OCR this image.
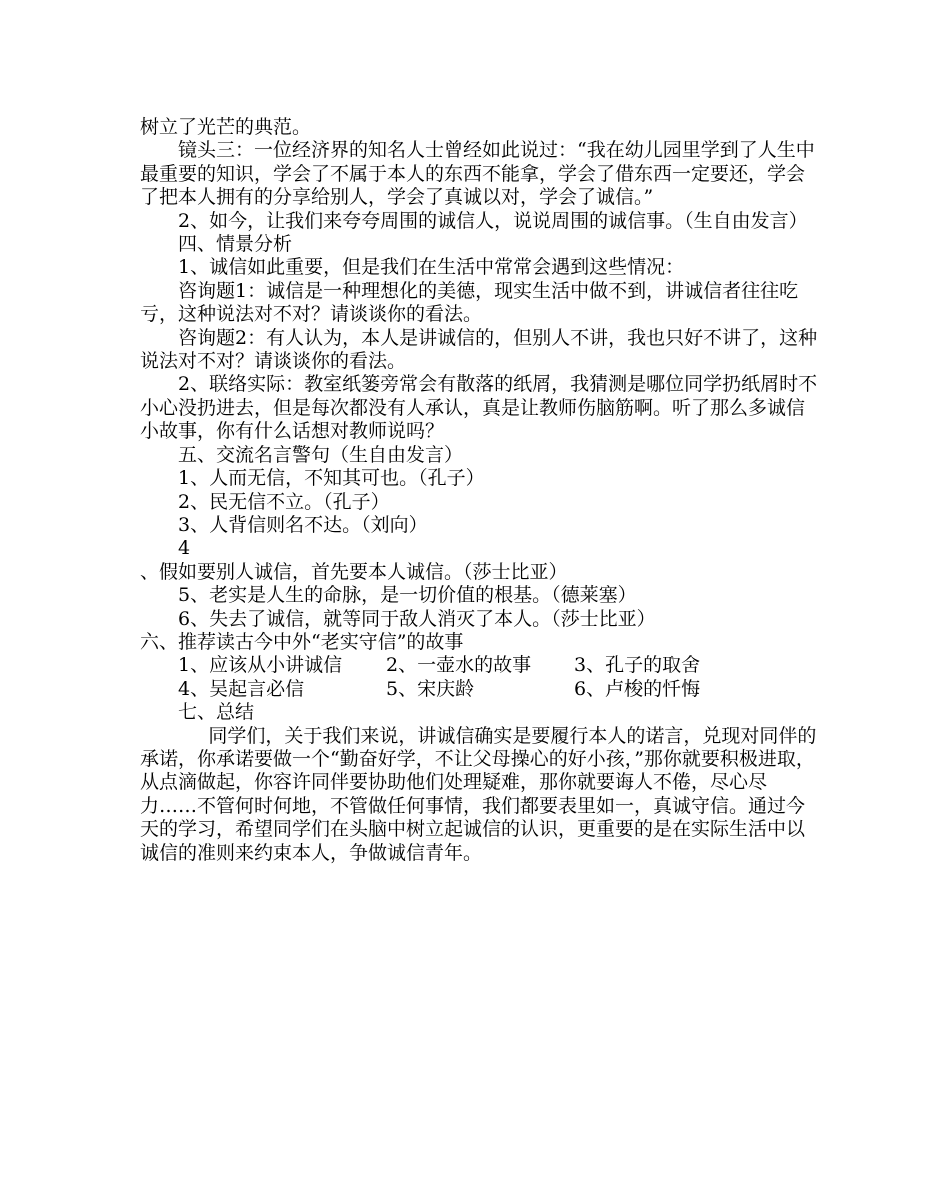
树立了光芒的典范。

镜头三：一位经济界的知名人士曾经如此说过：“我在幼儿园里学到了人生中最重要的知识，学会了不属于本人的东西不能拿，学会了借东西一定要还，学会了把本人拥有的分享给别人，学会了真诚以对，学会了诚信。”

2、如今，让我们来夸夸周围的诚信人，说说周围的诚信事。（生自由发言）

四、情景分析

1、诚信如此重要，但是我们在生活中常常会遇到这些情况：

咨询题1：诚信是一种理想化的美德，现实生活中做不到，讲诚信者往往吃亏，这种说法对不对？请谈谈你的看法。

咨询题2：有人认为，本人是讲诚信的，但别人不讲，我也只好不讲了，这种说法对不对？请谈谈你的看法。

2、联络实际：教室纸篓旁常会有散落的纸屑，我猜测是哪位同学扔纸屑时不小心没扔进去，但是每次都没有人承认，真是让教师伤脑筋啊。听了那么多诚信小故事，你有什么话想对教师说吗？

五、交流名言警句（生自由发言）

1、人而无信，不知其可也。（孔子）

2、民无信不立。（孔子）

3、人背信则名不达。（刘向）

4

、假如要别人诚信，首先要本人诚信。（莎士比亚）

5、老实是人生的命脉，是一切价值的根基。（德莱塞）

6、失去了诚信，就等同于敌人消灭了本人。（莎士比亚）

六、推荐读古今中外“老实守信”的故事

1、应该从小讲诚信	2、一壶水的故事	3、孔子的取舍
4、吴起言必信	5、宋庆龄	6、卢梭的忏悔

七、总结

同学们，关于我们来说，讲诚信确实是要履行本人的诺言，兑现对同伴的承诺，你承诺要做一个“勤奋好学，不让父母操心的好小孩，”那你就要积极进取，从点滴做起，你容许同伴要协助他们处理疑难，那你就要诲人不倦，尽心尽力……不管何时何地，不管做任何事情，我们都要表里如一，真诚守信。通过今天的学习，希望同学们在头脑中树立起诚信的认识，更重要的是在实际生活中以诚信的准则来约束本人，争做诚信青年。
